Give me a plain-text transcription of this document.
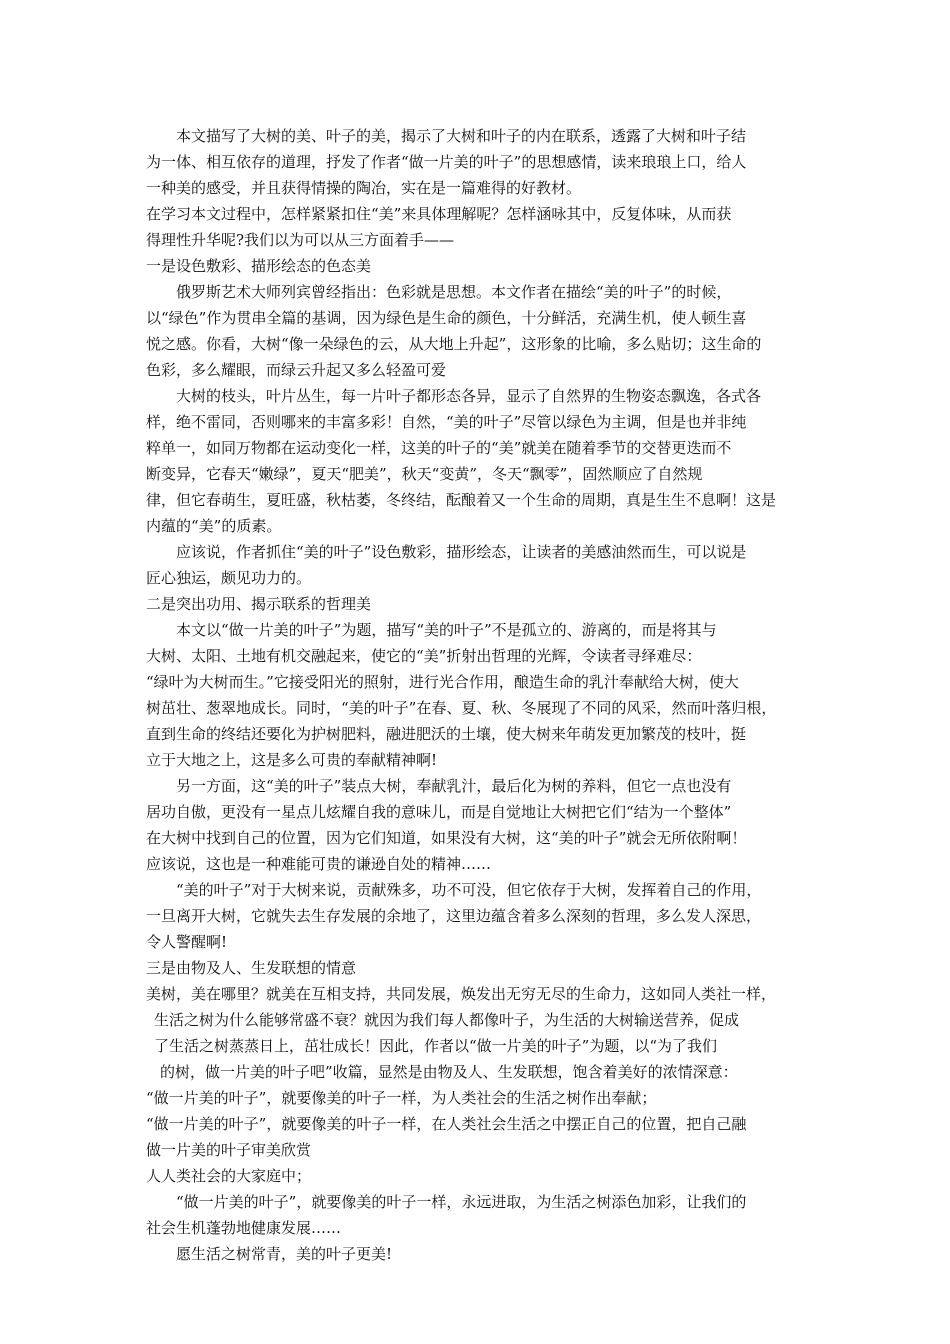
本文描写了大树的美、叶子的美，揭示了大树和叶子的内在联系，透露了大树和叶子结
为一体、相互依存的道理，抒发了作者“做一片美的叶子”的思想感情，读来琅琅上口，给人
一种美的感受，并且获得情操的陶冶，实在是一篇难得的好教材。
在学习本文过程中，怎样紧紧扣住“美”来具体理解呢？怎样涵咏其中，反复体味，从而获
得理性升华呢?我们以为可以从三方面着手——
一是设色敷彩、描形绘态的色态美
俄罗斯艺术大师列宾曾经指出：色彩就是思想。本文作者在描绘“美的叶子”的时候，
以“绿色”作为贯串全篇的基调，因为绿色是生命的颜色，十分鲜活，充满生机，使人顿生喜
悦之感。你看，大树“像一朵绿色的云，从大地上升起”，这形象的比喻，多么贴切；这生命的
色彩，多么耀眼，而绿云升起又多么轻盈可爱
大树的枝头，叶片丛生，每一片叶子都形态各异，显示了自然界的生物姿态飘逸，各式各
样，绝不雷同，否则哪来的丰富多彩！自然，“美的叶子”尽管以绿色为主调，但是也并非纯
粹单一，如同万物都在运动变化一样，这美的叶子的“美”就美在随着季节的交替更迭而不
断变异，它春天“嫩绿”，夏天“肥美”，秋天“变黄”，冬天“飘零”，固然顺应了自然规
律，但它春萌生，夏旺盛，秋枯萎，冬终结，酝酿着又一个生命的周期，真是生生不息啊！这是
内蕴的“美”的质素。
应该说，作者抓住“美的叶子”设色敷彩，描形绘态，让读者的美感油然而生，可以说是
匠心独运，颇见功力的。
二是突出功用、揭示联系的哲理美
本文以“做一片美的叶子”为题，描写“美的叶子”不是孤立的、游离的，而是将其与
大树、太阳、土地有机交融起来，使它的“美”折射出哲理的光辉，令读者寻绎难尽：
“绿叶为大树而生。”它接受阳光的照射，进行光合作用，酿造生命的乳汁奉献给大树，使大
树茁壮、葱翠地成长。同时，“美的叶子”在春、夏、秋、冬展现了不同的风采，然而叶落归根，
直到生命的终结还要化为护树肥料，融进肥沃的土壤，使大树来年萌发更加繁茂的枝叶，挺
立于大地之上，这是多么可贵的奉献精神啊!
另一方面，这“美的叶子”装点大树，奉献乳汁，最后化为树的养料，但它一点也没有
居功自傲，更没有一星点儿炫耀自我的意味儿，而是自觉地让大树把它们“结为一个整体”
在大树中找到自己的位置，因为它们知道，如果没有大树，这“美的叶子”就会无所依附啊！
应该说，这也是一种难能可贵的谦逊自处的精神……
“美的叶子”对于大树来说，贡献殊多，功不可没，但它依存于大树，发挥着自己的作用，
一旦离开大树，它就失去生存发展的余地了，这里边蕴含着多么深刻的哲理，多么发人深思，
令人警醒啊!
三是由物及人、生发联想的情意
美树，美在哪里？就美在互相支持，共同发展，焕发出无穷无尽的生命力，这如同人类社一样，
生活之树为什么能够常盛不衰？就因为我们每人都像叶子，为生活的大树输送营养，促成
了生活之树蒸蒸日上，茁壮成长！因此，作者以“做一片美的叶子”为题，以“为了我们
的树，做一片美的叶子吧”收篇，显然是由物及人、生发联想，饱含着美好的浓情深意：
“做一片美的叶子”，就要像美的叶子一样，为人类社会的生活之树作出奉献；
“做一片美的叶子”，就要像美的叶子一样，在人类社会生活之中摆正自己的位置，把自己融
做一片美的叶子审美欣赏
人人类社会的大家庭中；
“做一片美的叶子”，就要像美的叶子一样，永远进取，为生活之树添色加彩，让我们的
社会生机蓬勃地健康发展……
愿生活之树常青，美的叶子更美!
